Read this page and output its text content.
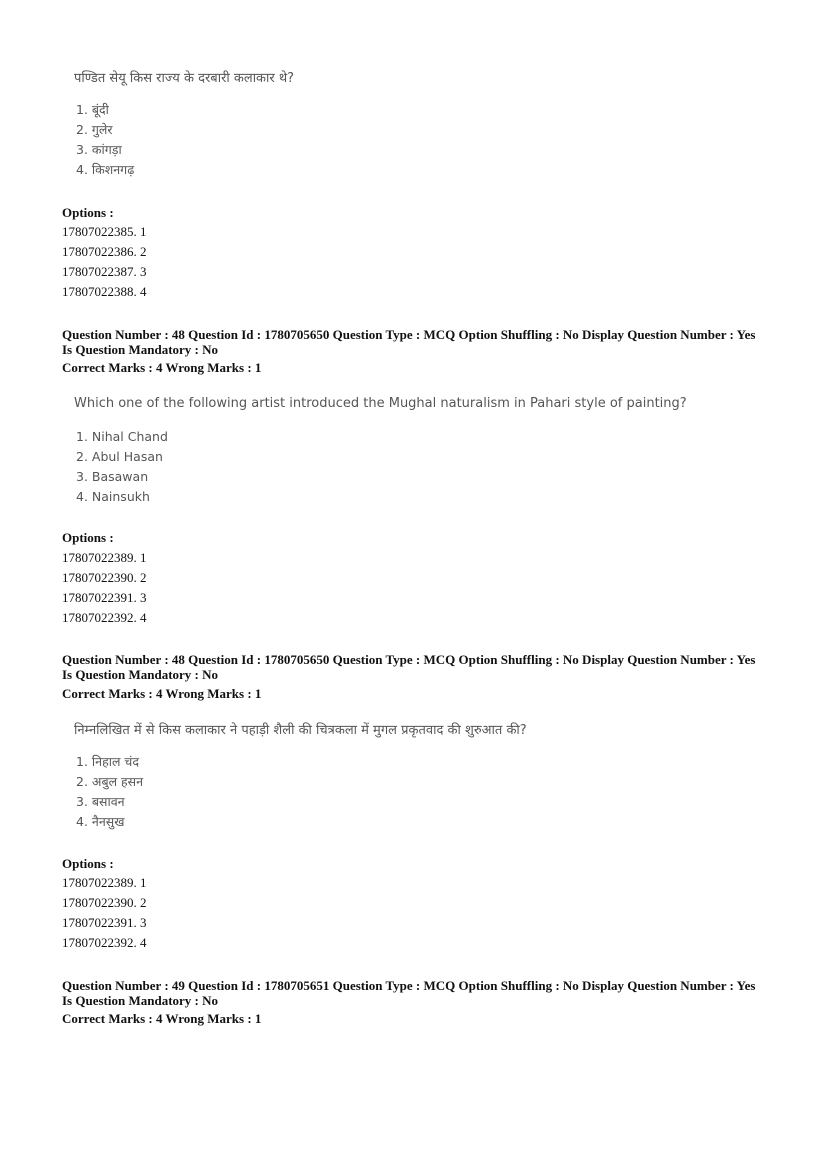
पण्डित सेयू किस राज्य के दरबारी कलाकार थे?
1. बूंदी
2. गुलेर
3. कांगड़ा
4. किशनगढ़
Options :
17807022385. 1
17807022386. 2
17807022387. 3
17807022388. 4
Question Number : 48 Question Id : 1780705650 Question Type : MCQ Option Shuffling : No Display Question Number : Yes
Is Question Mandatory : No
Correct Marks : 4 Wrong Marks : 1
Which one of the following artist introduced the Mughal naturalism in Pahari style of painting?
1. Nihal Chand
2. Abul Hasan
3. Basawan
4. Nainsukh
Options :
17807022389. 1
17807022390. 2
17807022391. 3
17807022392. 4
Question Number : 48 Question Id : 1780705650 Question Type : MCQ Option Shuffling : No Display Question Number : Yes
Is Question Mandatory : No
Correct Marks : 4 Wrong Marks : 1
निम्नलिखित में से किस कलाकार ने पहाड़ी शैली की चित्रकला में मुगल प्रकृतवाद की शुरुआत की?
1. निहाल चंद
2. अबुल हसन
3. बसावन
4. नैनसुख
Options :
17807022389. 1
17807022390. 2
17807022391. 3
17807022392. 4
Question Number : 49 Question Id : 1780705651 Question Type : MCQ Option Shuffling : No Display Question Number : Yes
Is Question Mandatory : No
Correct Marks : 4 Wrong Marks : 1
